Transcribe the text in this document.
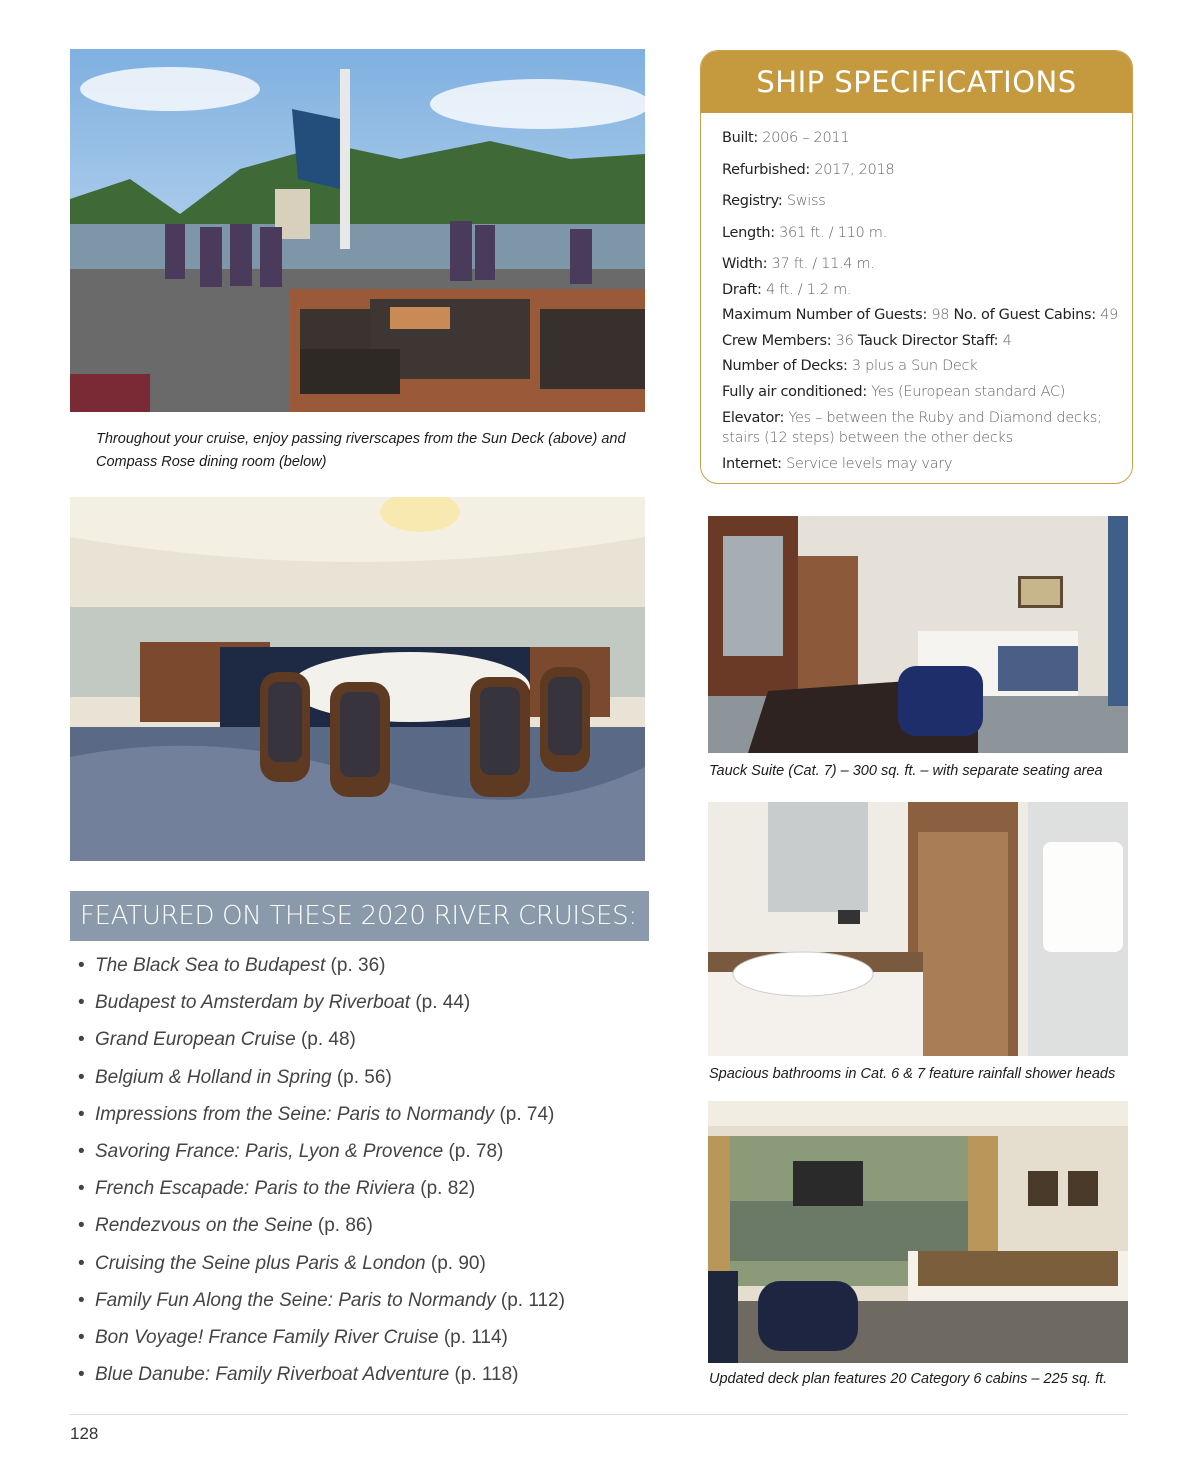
Throughout your cruise, enjoy passing riverscapes from the Sun Deck (above) and
Compass Rose dining room (below)
SHIP SPECIFICATIONS
Built: 2006 – 2011
Refurbished: 2017, 2018
Registry: Swiss
Length: 361 ft. / 110 m.
Width: 37 ft. / 11.4 m.
Draft: 4 ft. / 1.2 m.
Maximum Number of Guests: 98 No. of Guest Cabins: 49
Crew Members: 36 Tauck Director Staff: 4
Number of Decks: 3 plus a Sun Deck
Fully air conditioned: Yes (European standard AC)
Elevator: Yes – between the Ruby and Diamond decks; stairs (12 steps) between the other decks
Internet: Service levels may vary
Tauck Suite (Cat. 7) – 300 sq. ft. – with separate seating area
Spacious bathrooms in Cat. 6 & 7 feature rainfall shower heads
Updated deck plan features 20 Category 6 cabins – 225 sq. ft.
FEATURED ON THESE 2020 RIVER CRUISES:
• The Black Sea to Budapest (p. 36)
• Budapest to Amsterdam by Riverboat (p. 44)
• Grand European Cruise (p. 48)
• Belgium & Holland in Spring (p. 56)
• Impressions from the Seine: Paris to Normandy (p. 74)
• Savoring France: Paris, Lyon & Provence (p. 78)
• French Escapade: Paris to the Riviera (p. 82)
• Rendezvous on the Seine (p. 86)
• Cruising the Seine plus Paris & London (p. 90)
• Family Fun Along the Seine: Paris to Normandy (p. 112)
• Bon Voyage! France Family River Cruise (p. 114)
• Blue Danube: Family Riverboat Adventure (p. 118)
128
